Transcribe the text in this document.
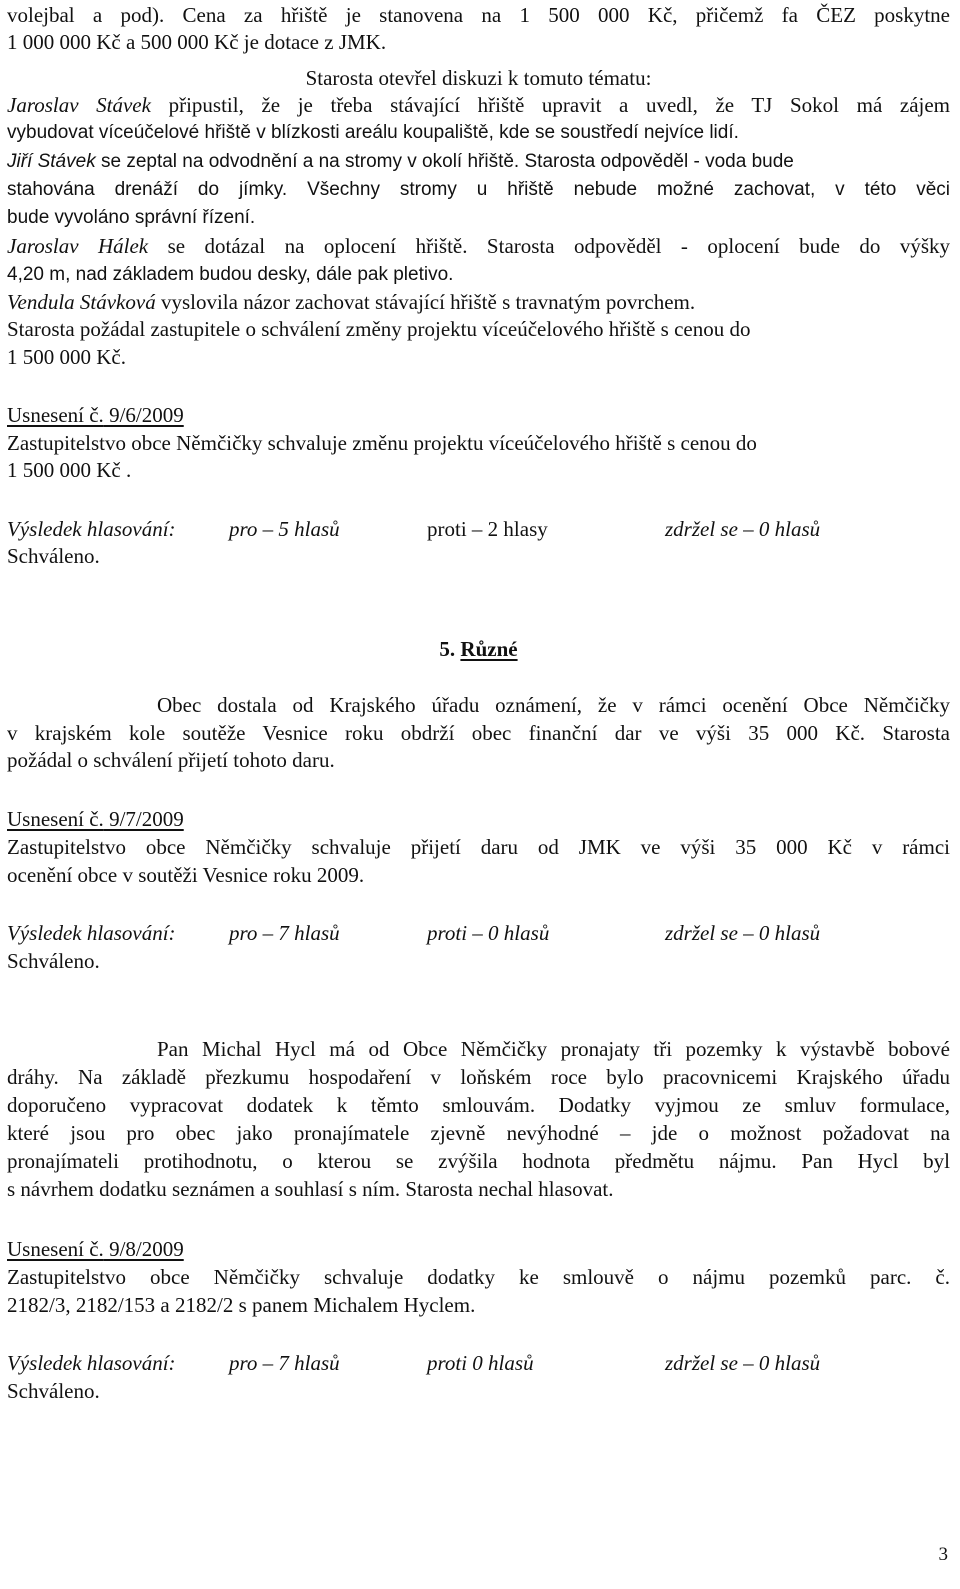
volejbal a pod). Cena za hřiště je stanovena na 1 500 000 Kč, přičemž fa ČEZ poskytne
1 000 000 Kč a 500 000 Kč je dotace z JMK.
Starosta otevřel diskuzi k tomuto tématu:
Jaroslav Stávek připustil, že je třeba stávající hřiště upravit a uvedl, že TJ Sokol má zájem
vybudovat víceúčelové hřiště v blízkosti areálu koupaliště, kde se soustředí nejvíce lidí.
Jiří Stávek se zeptal na odvodnění a na stromy v okolí hřiště. Starosta odpověděl - voda bude
stahována drenáží do jímky. Všechny stromy u hřiště nebude možné zachovat, v této věci
bude vyvoláno správní řízení.
Jaroslav Hálek se dotázal na oplocení hřiště. Starosta odpověděl - oplocení bude do výšky
4,20 m, nad základem budou desky, dále pak pletivo.
Vendula Stávková vyslovila názor zachovat stávající hřiště s travnatým povrchem.
Starosta požádal zastupitele o schválení změny projektu víceúčelového hřiště s cenou do
1 500 000 Kč.
Usnesení č. 9/6/2009
Zastupitelstvo obce Němčičky schvaluje změnu projektu víceúčelového hřiště s cenou do
1 500 000 Kč .
Výsledek hlasování:	pro – 5 hlasů	proti – 2 hlasy	zdržel se – 0 hlasů
Schváleno.
5. Různé
Obec dostala od Krajského úřadu oznámení, že v rámci ocenění Obce Němčičky
v krajském kole soutěže Vesnice roku obdrží obec finanční dar ve výši 35 000 Kč. Starosta
požádal o schválení přijetí tohoto daru.
Usnesení č. 9/7/2009
Zastupitelstvo obce Němčičky schvaluje přijetí daru od JMK ve výši 35 000 Kč v rámci
ocenění obce v soutěži Vesnice roku 2009.
Výsledek hlasování:	pro – 7 hlasů	proti – 0 hlasů	zdržel se – 0 hlasů
Schváleno.
Pan Michal Hycl má od Obce Němčičky pronajaty tři pozemky k výstavbě bobové
dráhy. Na základě přezkumu hospodaření v loňském roce bylo pracovnicemi Krajského úřadu
doporučeno vypracovat dodatek k těmto smlouvám. Dodatky vyjmou ze smluv formulace,
které jsou pro obec jako pronajímatele zjevně nevýhodné – jde o možnost požadovat na
pronajímateli protihodnotu, o kterou se zvýšila hodnota předmětu nájmu. Pan Hycl byl
s návrhem dodatku seznámen a souhlasí s ním. Starosta nechal hlasovat.
Usnesení č. 9/8/2009
Zastupitelstvo obce Němčičky schvaluje dodatky ke smlouvě o nájmu pozemků parc. č.
2182/3, 2182/153 a 2182/2 s panem Michalem Hyclem.
Výsledek hlasování:	pro – 7 hlasů	proti 0 hlasů	zdržel se – 0 hlasů
Schváleno.
3
